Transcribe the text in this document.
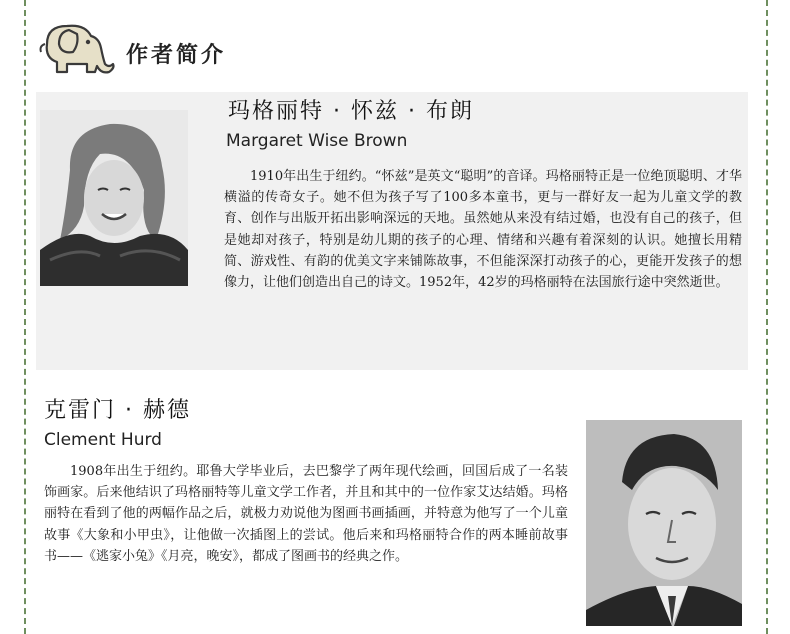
作者简介
玛格丽特 · 怀兹 · 布朗
Margaret Wise Brown
1910年出生于纽约。“怀兹”是英文“聪明”的音译。玛格丽特正是一位绝顶聪明、才华横溢的传奇女子。她不但为孩子写了100多本童书，更与一群好友一起为儿童文学的教育、创作与出版开拓出影响深远的天地。虽然她从来没有结过婚，也没有自己的孩子，但是她却对孩子，特别是幼儿期的孩子的心理、情绪和兴趣有着深刻的认识。她擅长用精简、游戏性、有韵的优美文字来铺陈故事，不但能深深打动孩子的心，更能开发孩子的想像力，让他们创造出自己的诗文。1952年，42岁的玛格丽特在法国旅行途中突然逝世。
克雷门 · 赫德
Clement Hurd
1908年出生于纽约。耶鲁大学毕业后，去巴黎学了两年现代绘画，回国后成了一名装饰画家。后来他结识了玛格丽特等儿童文学工作者，并且和其中的一位作家艾达结婚。玛格丽特在看到了他的两幅作品之后，就极力劝说他为图画书画插画，并特意为他写了一个儿童故事《大象和小甲虫》，让他做一次插图上的尝试。他后来和玛格丽特合作的两本睡前故事书——《逃家小兔》《月亮，晚安》，都成了图画书的经典之作。
